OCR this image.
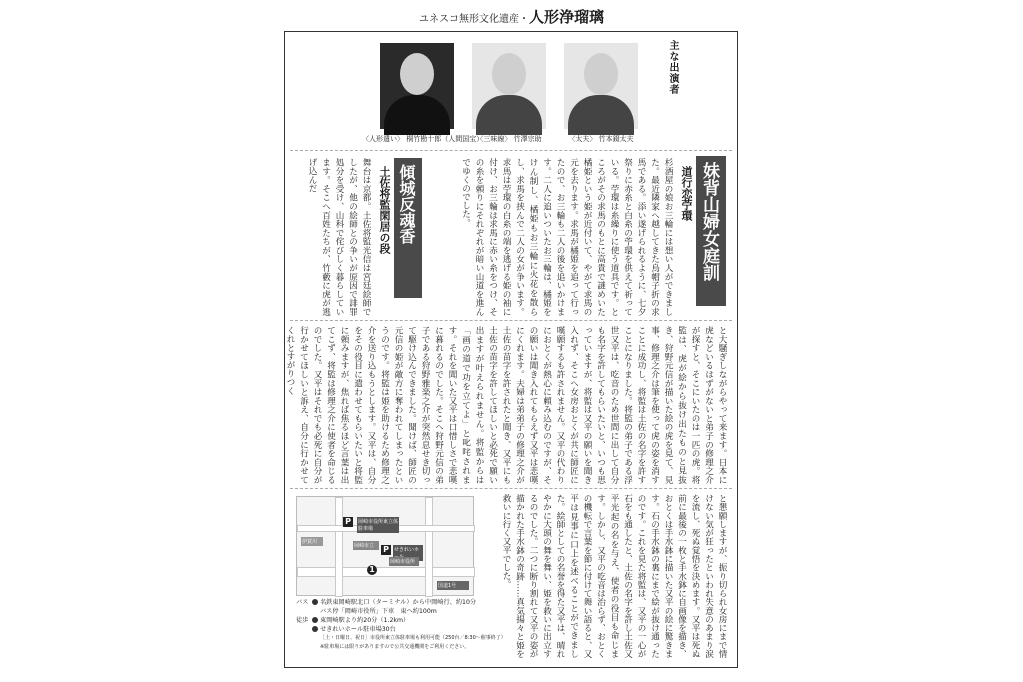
ユネスコ無形文化遺産・人形浄瑠璃
〈人形遣い〉 桐竹勘十郎（人間国宝）
〈三味線〉 竹澤宗助	〈太夫〉 竹本錣太夫
主な出演者
妹背山婦女庭訓
道行恋苧環
杉酒屋の娘お三輪には想い人ができました。最近隣家へ越してきた烏帽子折の求馬である。添い遂げられるように、七夕祭りに赤糸と白糸の苧環を供えて祈っている。苧環は糸繰りに使う道具です。ところがその求馬のもとに高貴で謎めいた橘姫という姫が近付いて、やがて求馬の元を去ります。求馬が橘姫を追って行ったので、お三輪も二人の後を追いかけます。二人に追いついたお三輪は、橘姫をけん制し、橘姫もお三輪に火花を散らし、求馬を挟んで二人の女が争います。求馬は苧環の白糸の端を逃げる姫の袖に付け、お三輪は求馬に赤い糸をつけ、その糸を頼りにそれぞれが暗い山道を進んでゆくのでした。
傾城反魂香
土佐将監閑居の段
舞台は京都。土佐将監光信は宮廷絵師でしたが、他の絵師との争いが原因で誹罪処分を受け、山科で侘びしく暮らしています。そこへ百姓たちが、竹藪に虎が逃げ込んだ
と大騒ぎしながらやって来ます。日本に虎などいるはずがないと弟子の修理之介が探すと、そこにいたのは一匹の虎。将監は、虎が絵から抜け出たものと見抜き、狩野元信が描いた絵の虎を見て、見事、修理之介は筆を使って虎の姿を消すことに成功し、将監は土佐の名字を許すことになりました。将監の弟子である浮世又平は、吃音のため世間に出して自分も名字を許してもらいたいと、いつも思っていますが、将監は又平の願いを聞き入れず、そこへ女房おとくが共に師匠に嘆願するも許されません。又平の代わりにおとくが熱心に頼み込むのですが、その願いは聞き入れてもらえず又平は悲嘆にくれます。夫婦は弟弟子の修理之介が土佐の苗字を許されたと聞き、又平にも土佐の苗字を許してほしいと必死で願い出ますが叶えられません。将監からは「画の道で功を立てよ」と叱咤されます。それを聞いた又平は口惜しさで悲嘆に暮れるのでした。そこへ狩野元信の弟子である狩野雅楽之介が突然息せき切って駆け込んできました。聞けば、師匠の元信の姫が敵方に奪われてしまったというのです。将監は姫を助けるため修理之介を送り込もうとします。又平は、自分をその役目に遣わせてもらいたいと将監に頼みますが、焦れば焦るほど言葉は出てこず、将監は修理之介に使者を命じるのでした。又平はそれでも必死に自分が行かせてほしいと訴え、自分に行かせてくれとすがりつく
と懇願しますが、振り切られ女房にまで情けない気が狂ったといわれ失意のあまり涙を流し、死ぬ覚悟を決めます。又平は死ぬ前に最後の一枚と手水鉢に自画像を描き、おとくは手水鉢に描いた又平の絵に驚きます。石の手水鉢の裏にまで絵が抜け通ったのです。これを見た将監は、又平の一心が石をも通したと、土佐の名字を許し土佐又平光起の名を与え、使者の役目も命じます。しかし、又平の吃音は治らず、おとくの機転で言葉を節に付けて舞い語ると、又平は見事に口上を述べることができました。絵師としての名誉を得た又平は、晴れやかに大頭の舞を舞い、姫を救いに出立するのでした。二つに断り割れて又平の姿が描かれた手水鉢の奇跡……真気揚々と姫を救いに行く又平でした。
岡崎市役所東立体駐車場
せきれいホ
岡崎市立
岡崎市役所
伊賀川
国道1号
P
P
1
バス 名鉄東岡崎駅北口（ターミナル）から中岡崎行、約10分
バス停「岡崎市役所」下車　東へ約100m
徒歩 東岡崎駅より約20分（1.2km）
せきれいホール駐車場30台
［土・日曜日、祝日］市役所東立体駐車場も利用可能（250台／8:30〜催事終了）
※駐車場には限りがありますので公共交通機関をご利用ください。
